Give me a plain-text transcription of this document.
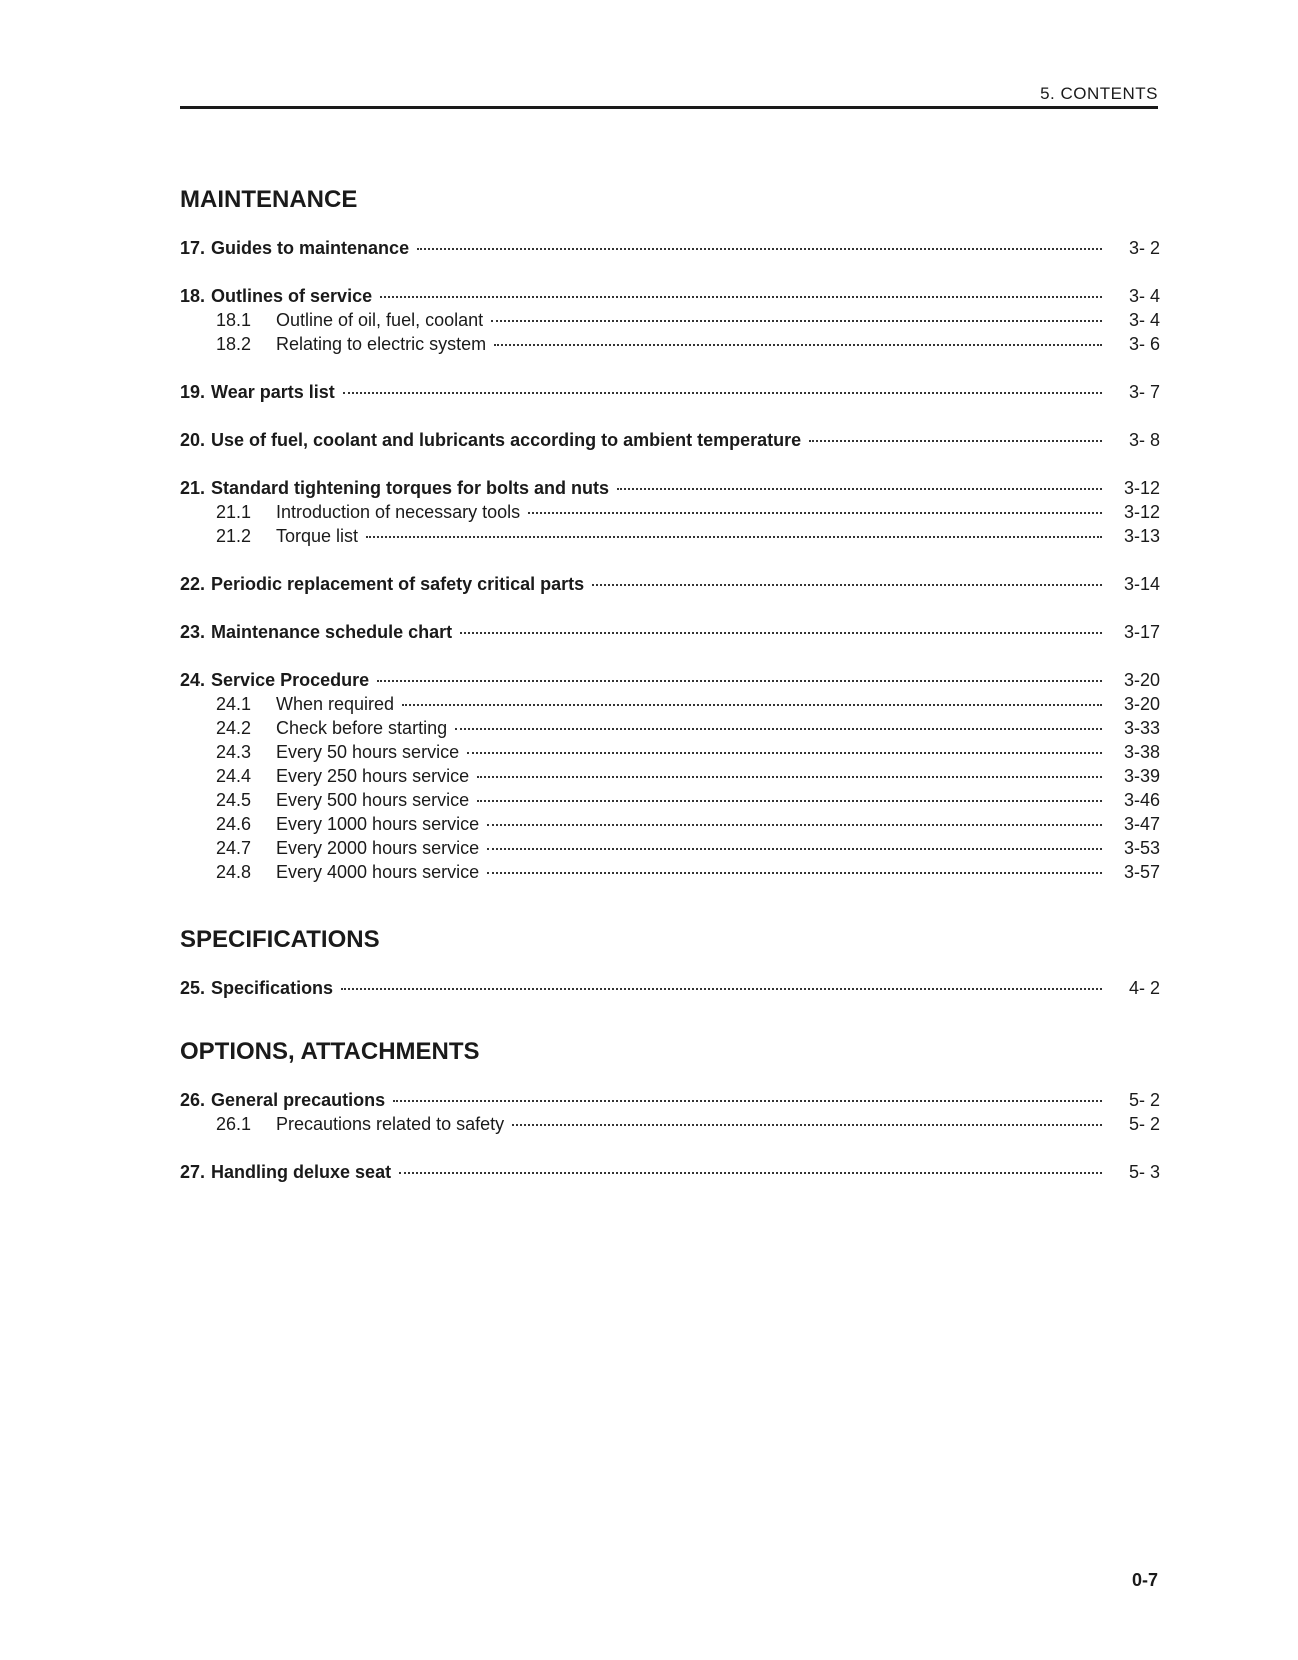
5. CONTENTS
MAINTENANCE
17. Guides to maintenance	3- 2
18. Outlines of service	3- 4
18.1	Outline of oil, fuel, coolant	3- 4
18.2	Relating to electric system	3- 6
19. Wear parts list	3- 7
20. Use of fuel, coolant and lubricants according to ambient temperature	3- 8
21. Standard tightening torques for bolts and nuts	3-12
21.1	Introduction of necessary tools	3-12
21.2	Torque list	3-13
22. Periodic replacement of safety critical parts	3-14
23. Maintenance schedule chart	3-17
24. Service Procedure	3-20
24.1	When required	3-20
24.2	Check before starting	3-33
24.3	Every 50 hours service	3-38
24.4	Every 250 hours service	3-39
24.5	Every 500 hours service	3-46
24.6	Every 1000 hours service	3-47
24.7	Every 2000 hours service	3-53
24.8	Every 4000 hours service	3-57
SPECIFICATIONS
25. Specifications	4- 2
OPTIONS, ATTACHMENTS
26. General precautions	5- 2
26.1	Precautions related to safety	5- 2
27. Handling deluxe seat	5- 3
0-7
